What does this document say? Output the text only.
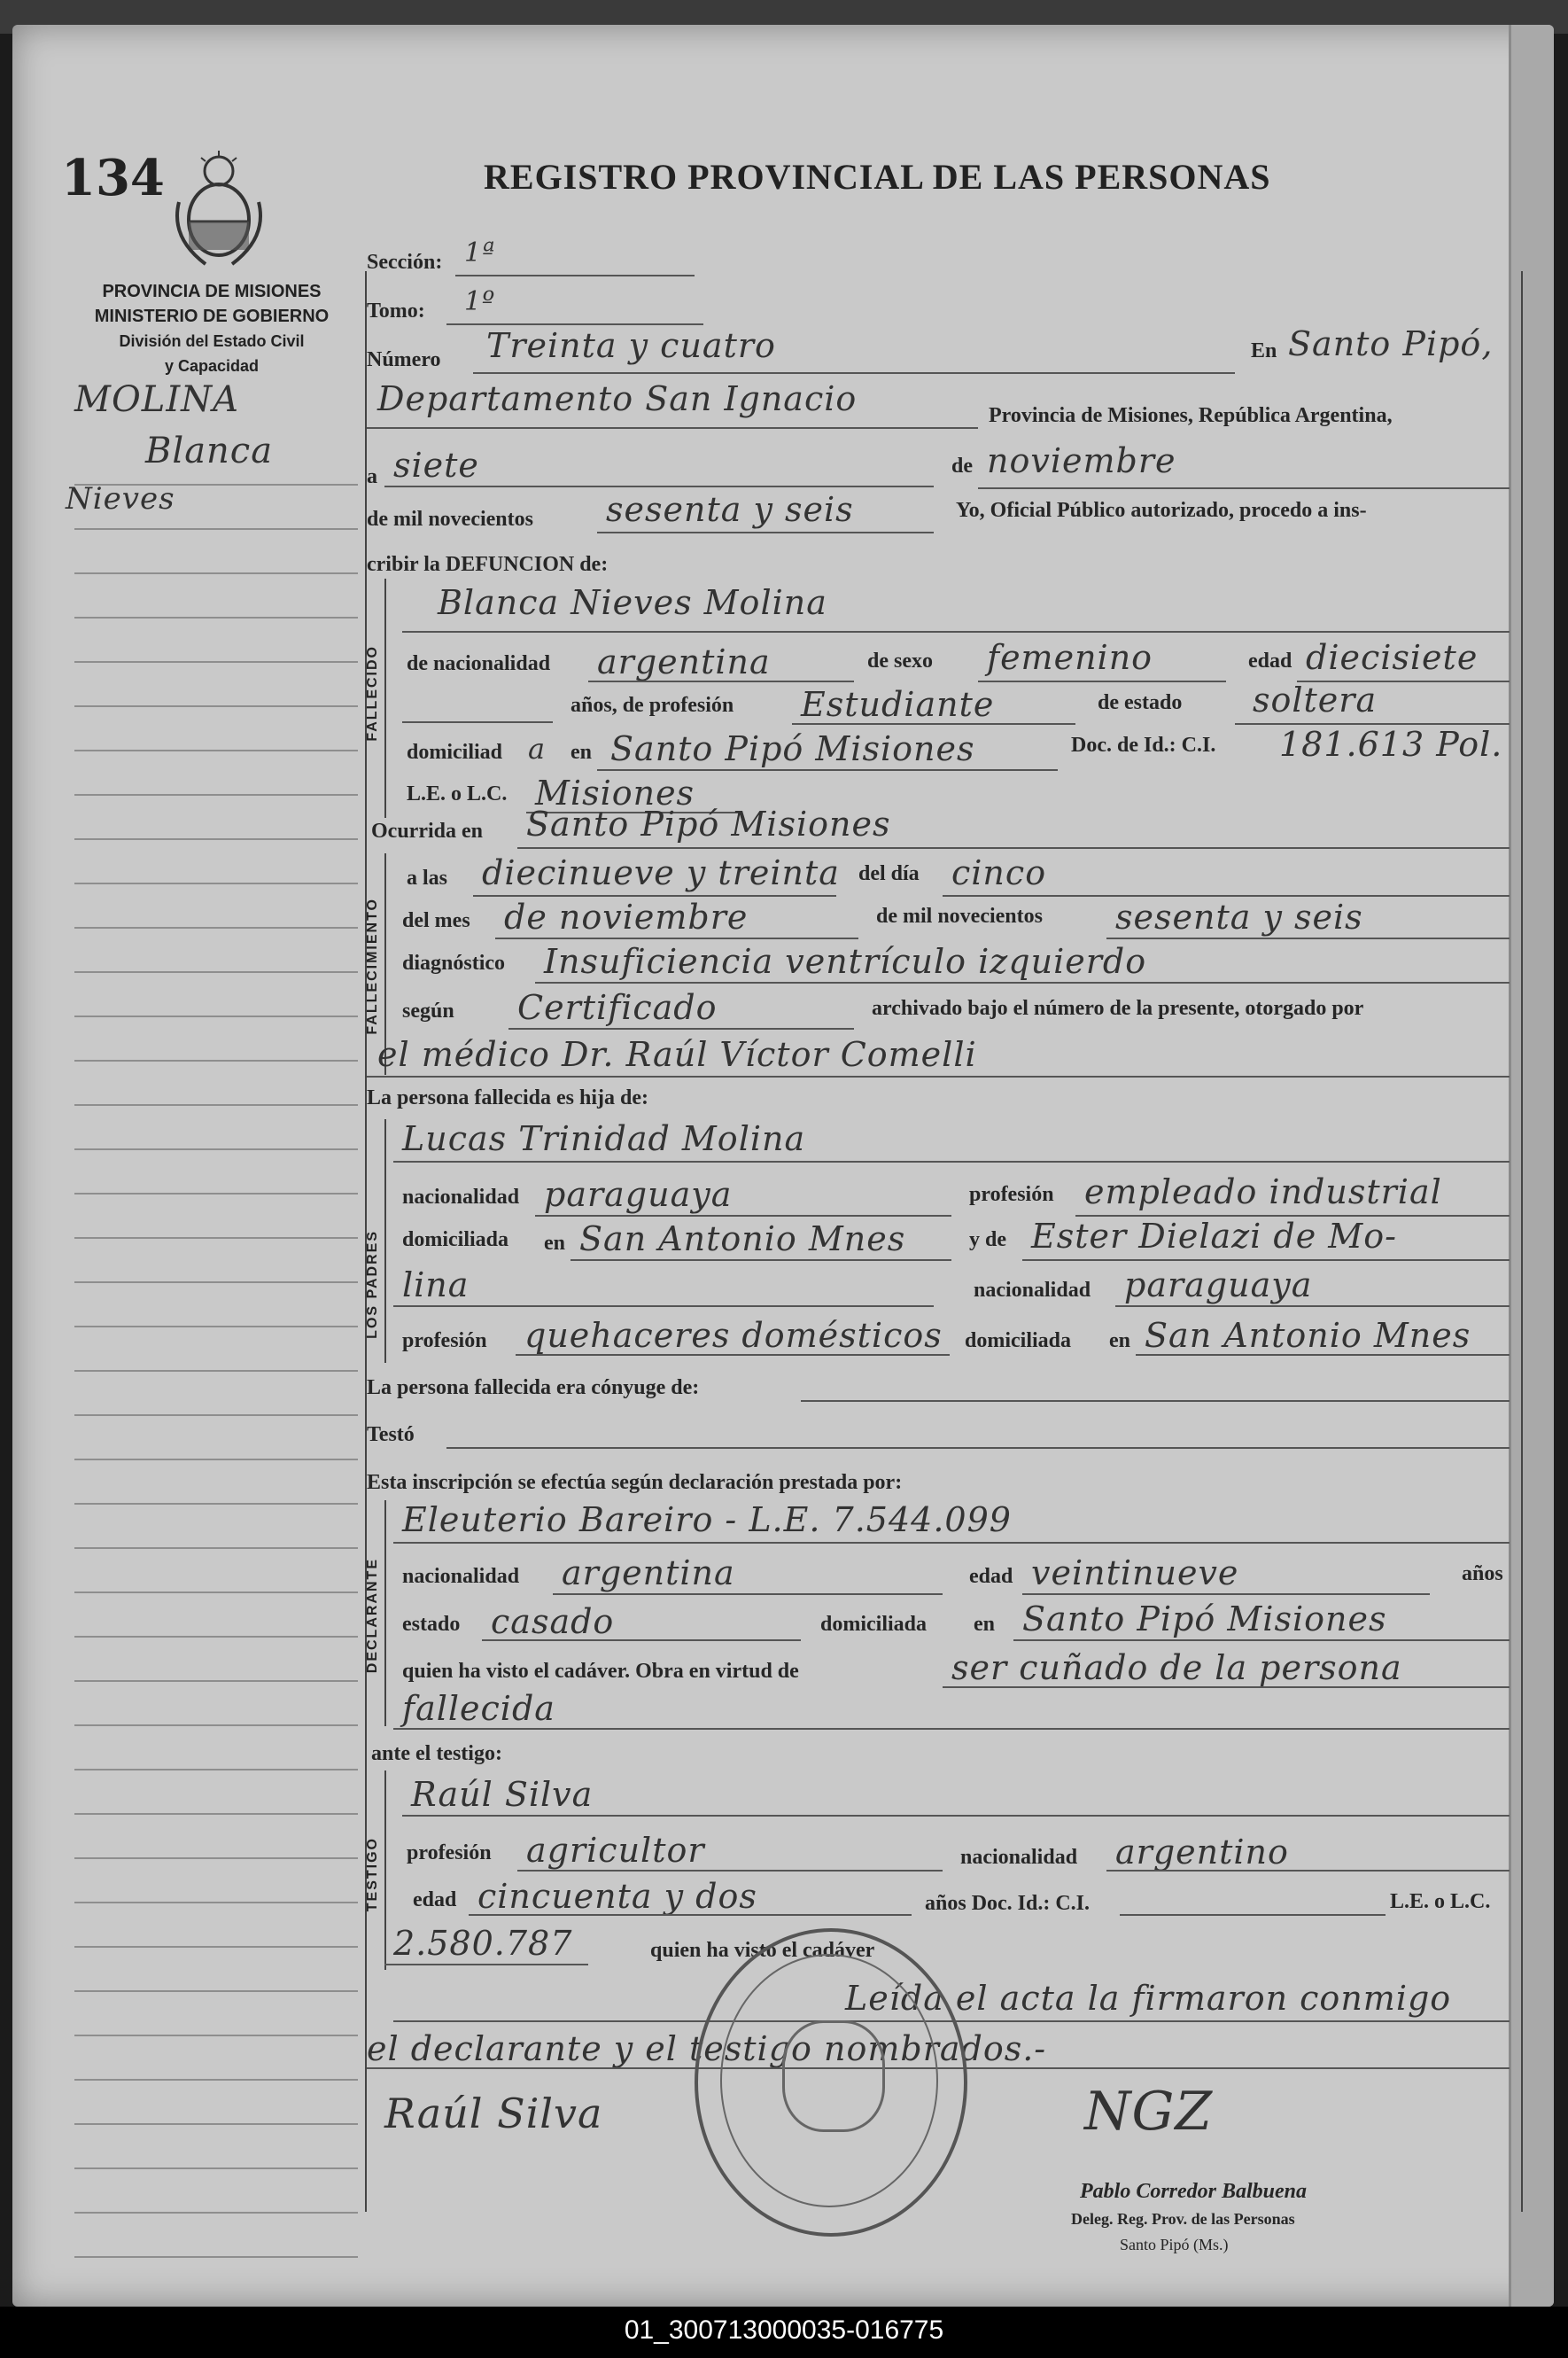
134	REGISTRO PROVINCIAL DE LAS PERSONAS
PROVINCIA DE MISIONES
MINISTERIO DE GOBIERNO
División del Estado Civil
y Capacidad
MOLINA
Blanca
Nieves
Sección: 1ª
Tomo: 1º
Número Treinta y cuatro	En Santo Pipó,
Departamento San Ignacio	Provincia de Misiones, República Argentina,
a siete	de noviembre
de mil novecientos sesenta y seis	Yo, Oficial Público autorizado, procedo a ins-
cribir la DEFUNCION de:
FALLECIDO
Blanca Nieves Molina
de nacionalidad argentina	de sexo femenino	edad diecisiete
años, de profesión Estudiante	de estado soltera
domiciliad a en Santo Pipó Misiones	Doc. de Id.: C.I. 181.613 Pol.
L.E. o L.C. Misiones
Ocurrida en Santo Pipó Misiones
FALLECIMIENTO
a las diecinueve y treinta del día cinco
del mes de noviembre	de mil novecientos sesenta y seis
diagnóstico Insuficiencia ventrículo izquierdo
según Certificado	archivado bajo el número de la presente, otorgado por
el médico Dr. Raúl Víctor Comelli
La persona fallecida es hija de:
LOS PADRES
Lucas Trinidad Molina
nacionalidad paraguaya	profesión empleado industrial
domiciliada en San Antonio Mnes	y de Ester Dielazi de Mo-
lina	nacionalidad paraguaya
profesión quehaceres domésticos domiciliada en San Antonio Mnes
La persona fallecida era cónyuge de:
Testó
Esta inscripción se efectúa según declaración prestada por:
DECLARANTE
Eleuterio Bareiro - L.E. 7.544.099
nacionalidad argentina	edad veintinueve	años
estado casado	domiciliada en Santo Pipó Misiones
quien ha visto el cadáver. Obra en virtud de	ser cuñado de la persona
fallecida
ante el testigo:
TESTIGO
Raúl Silva
profesión agricultor	nacionalidad argentino
edad cincuenta y dos	años Doc. Id.: C.I.	L.E. o L.C.
2.580.787	quien ha visto el cadáver
Leída el acta la firmaron conmigo
el declarante y el testigo nombrados.-
Raúl Silva	NGZ
Pablo Corredor Balbuena
Deleg. Reg. Prov. de las Personas
Santo Pipó (Ms.)
01_300713000035-016775
